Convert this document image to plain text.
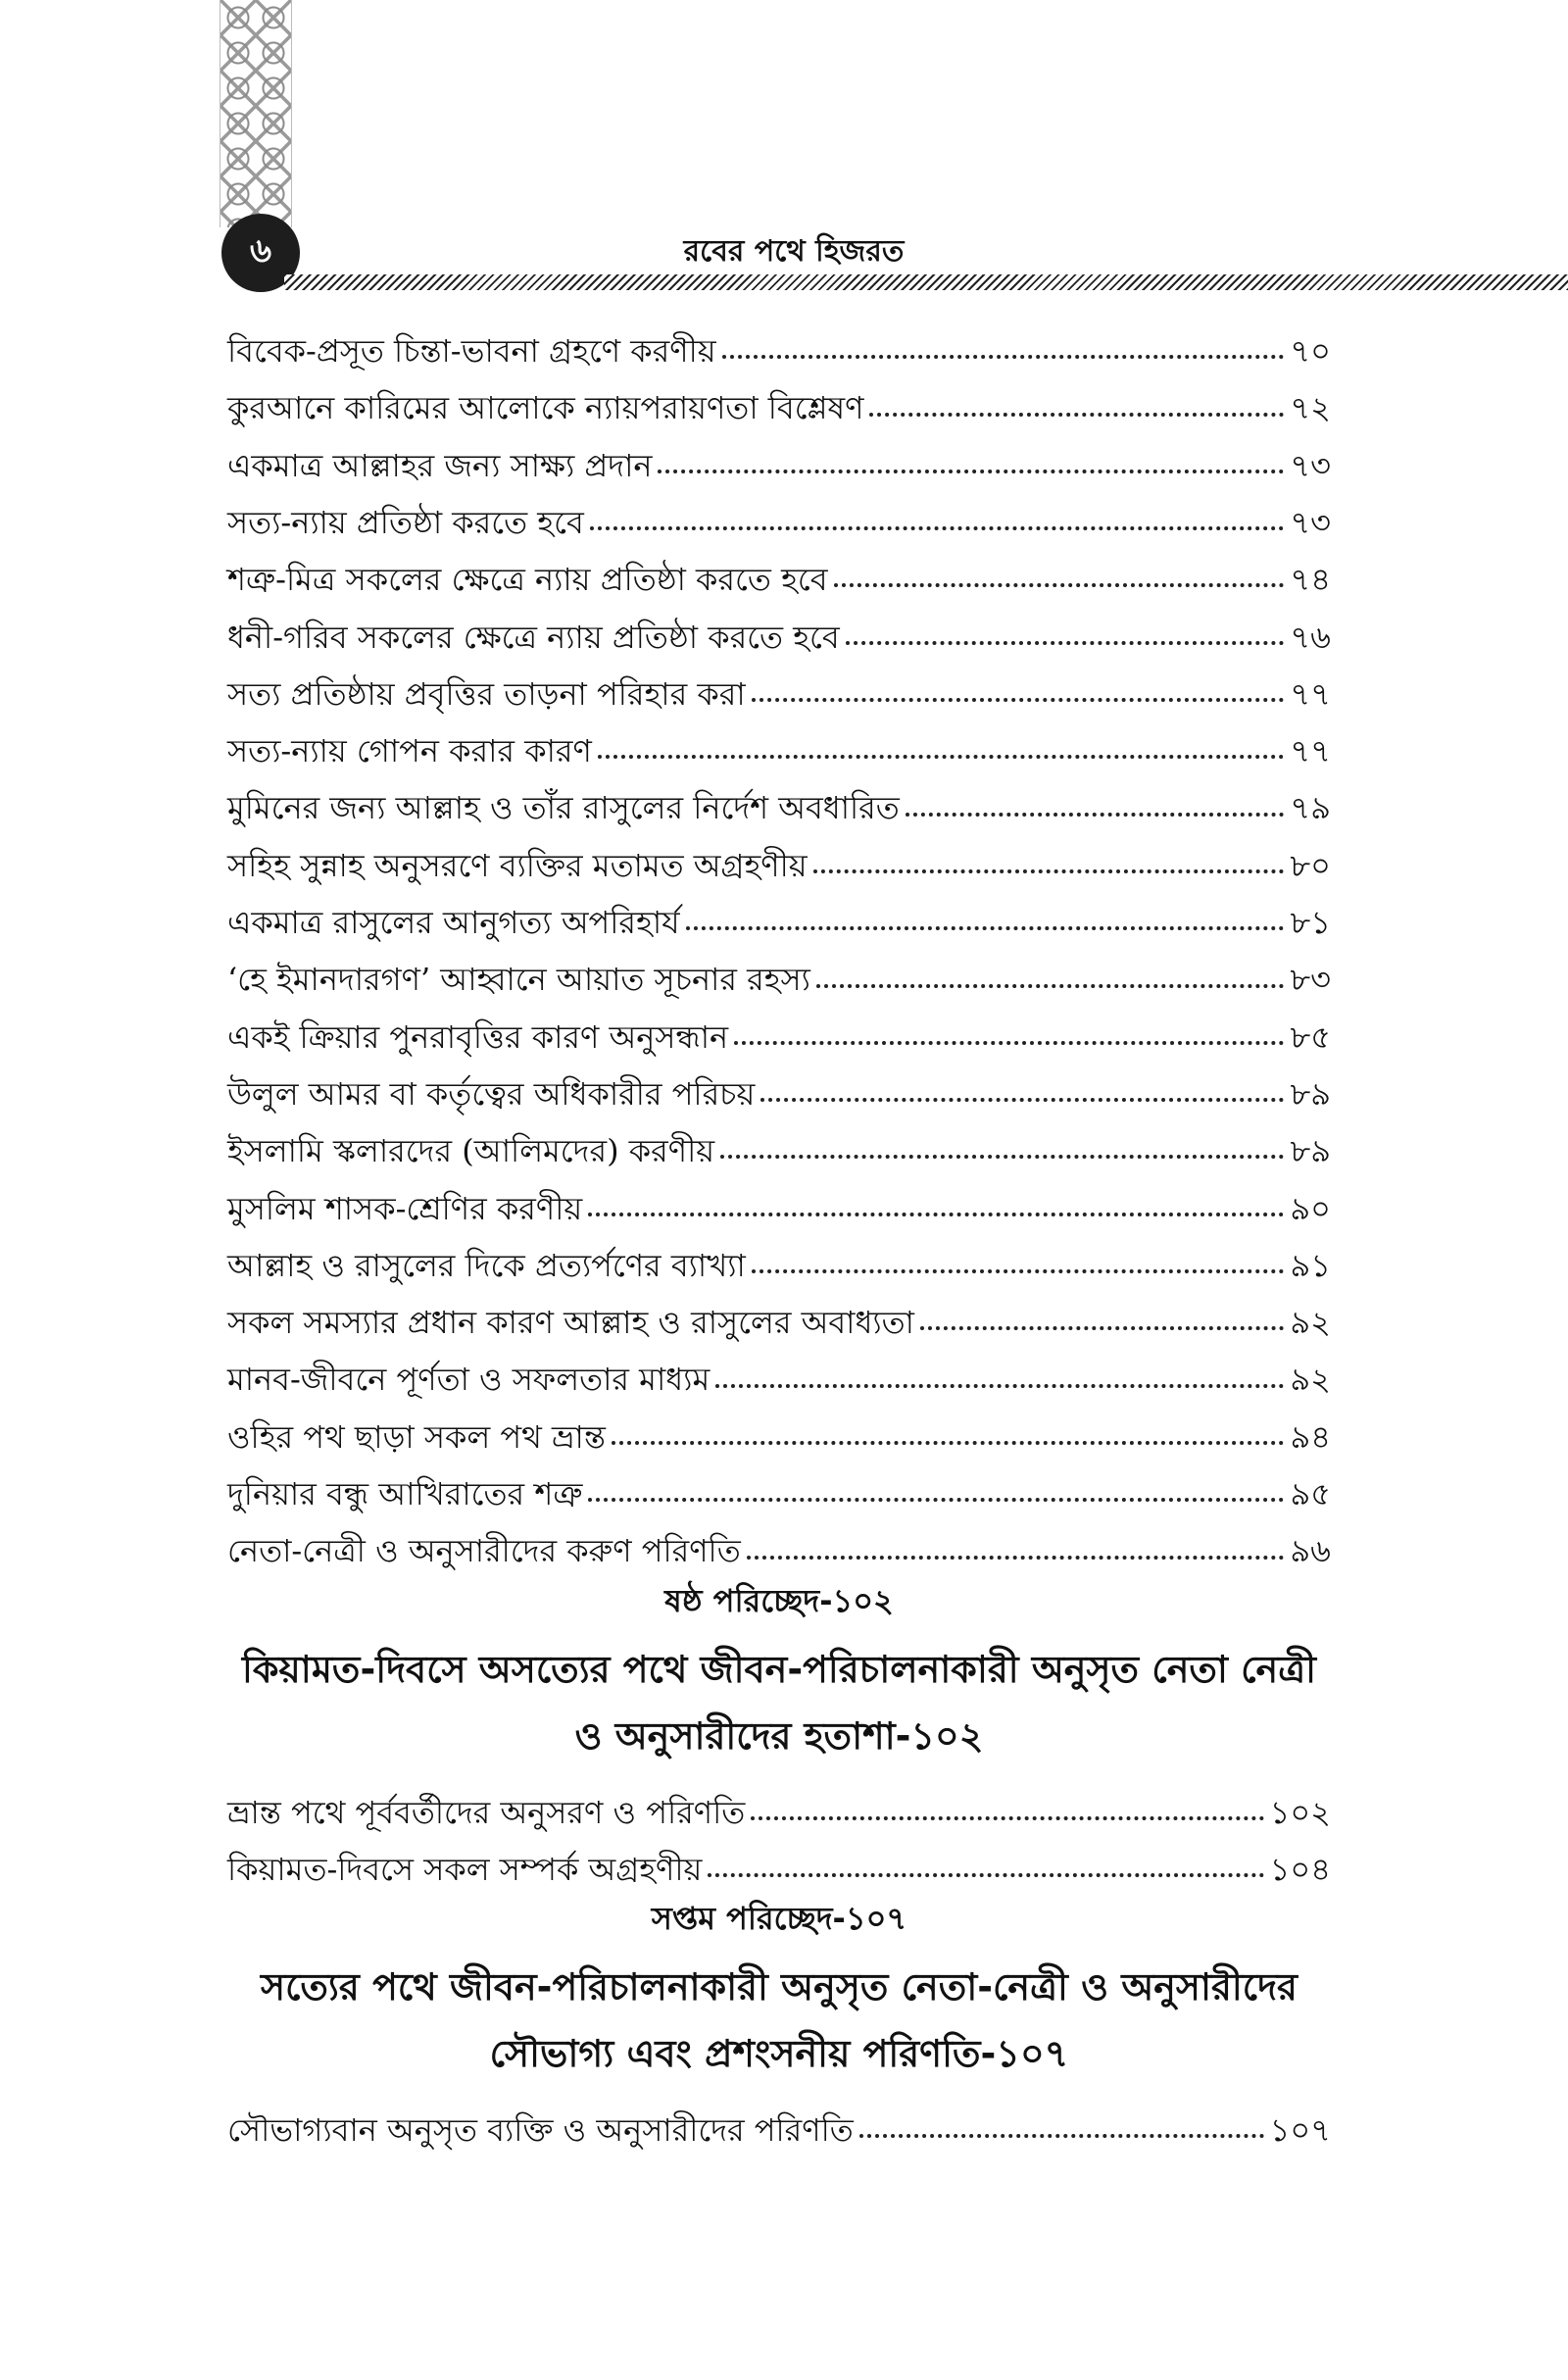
৬	রবের পথে হিজরত
বিবেক-প্রসূত চিন্তা-ভাবনা গ্রহণে করণীয়	৭০
কুরআনে কারিমের আলোকে ন্যায়পরায়ণতা বিশ্লেষণ	৭২
একমাত্র আল্লাহর জন্য সাক্ষ্য প্রদান	৭৩
সত্য-ন্যায় প্রতিষ্ঠা করতে হবে	৭৩
শত্রু-মিত্র সকলের ক্ষেত্রে ন্যায় প্রতিষ্ঠা করতে হবে	৭৪
ধনী-গরিব সকলের ক্ষেত্রে ন্যায় প্রতিষ্ঠা করতে হবে	৭৬
সত্য প্রতিষ্ঠায় প্রবৃত্তির তাড়না পরিহার করা	৭৭
সত্য-ন্যায় গোপন করার কারণ	৭৭
মুমিনের জন্য আল্লাহ ও তাঁর রাসুলের নির্দেশ অবধারিত	৭৯
সহিহ সুন্নাহ অনুসরণে ব্যক্তির মতামত অগ্রহণীয়	৮০
একমাত্র রাসুলের আনুগত্য অপরিহার্য	৮১
‘হে ইমানদারগণ’ আহ্বানে আয়াত সূচনার রহস্য	৮৩
একই ক্রিয়ার পুনরাবৃত্তির কারণ অনুসন্ধান	৮৫
উলুল আমর বা কর্তৃত্বের অধিকারীর পরিচয়	৮৯
ইসলামি স্কলারদের (আলিমদের) করণীয়	৮৯
মুসলিম শাসক-শ্রেণির করণীয়	৯০
আল্লাহ ও রাসুলের দিকে প্রত্যর্পণের ব্যাখ্যা	৯১
সকল সমস্যার প্রধান কারণ আল্লাহ ও রাসুলের অবাধ্যতা	৯২
মানব-জীবনে পূর্ণতা ও সফলতার মাধ্যম	৯২
ওহির পথ ছাড়া সকল পথ ভ্রান্ত	৯৪
দুনিয়ার বন্ধু আখিরাতের শত্রু	৯৫
নেতা-নেত্রী ও অনুসারীদের করুণ পরিণতি	৯৬
ষষ্ঠ পরিচ্ছেদ-১০২
কিয়ামত-দিবসে অসত্যের পথে জীবন-পরিচালনাকারী অনুসৃত নেতা নেত্রী ও অনুসারীদের হতাশা-১০২
ভ্রান্ত পথে পূর্ববর্তীদের অনুসরণ ও পরিণতি	১০২
কিয়ামত-দিবসে সকল সম্পর্ক অগ্রহণীয়	১০৪
সপ্তম পরিচ্ছেদ-১০৭
সত্যের পথে জীবন-পরিচালনাকারী অনুসৃত নেতা-নেত্রী ও অনুসারীদের সৌভাগ্য এবং প্রশংসনীয় পরিণতি-১০৭
সৌভাগ্যবান অনুসৃত ব্যক্তি ও অনুসারীদের পরিণতি	১০৭
